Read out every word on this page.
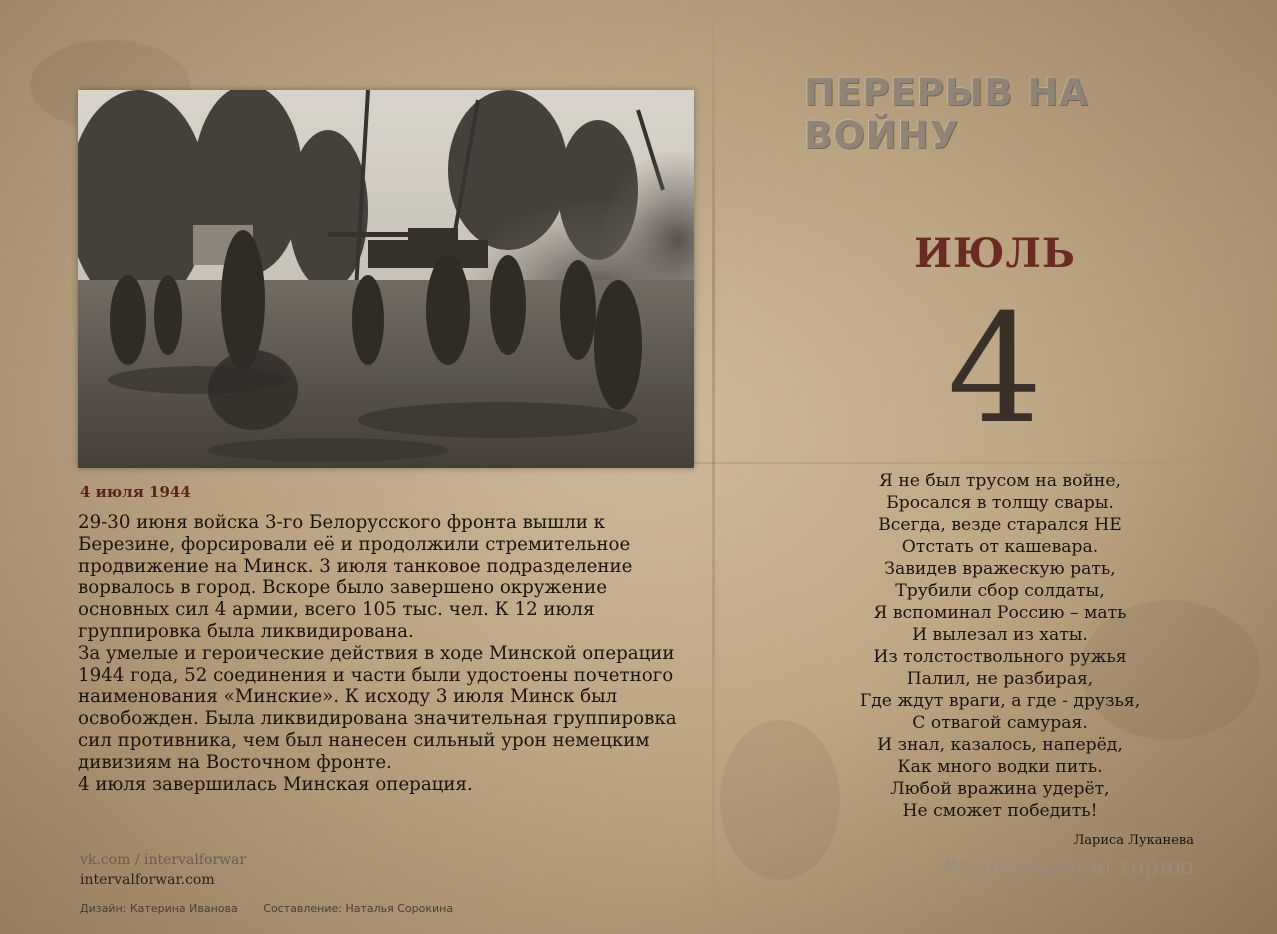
4 июля 1944

29-30 июня войска 3-го Белорусского фронта вышли к Березине, форсировали её и продолжили стремительное продвижение на Минск. 3 июля танковое подразделение ворвалось в город. Вскоре было завершено окружение основных сил 4 армии, всего 105 тыс. чел. К 12 июля группировка была ликвидирована.

За умелые и героические действия в ходе Минской операции 1944 года, 52 соединения и части были удостоены почетного наименования «Минские». К исходу 3 июля Минск был освобожден. Была ликвидирована значительная группировка сил противника, чем был нанесен сильный урон немецким дивизиям на Восточном фронте.

4 июля завершилась Минская операция.

vk.com / intervalforwar
intervalforwar.com
Дизайн: Катерина Иванова Составление: Наталья Сорокина
ПЕРЕРЫВ НА ВОЙНУ
ИЮЛЬ
4
Я не был трусом на войне,
Бросался в толщу свары.
Всегда, везде старался НЕ
Отстать от кашевара.
Завидев вражескую рать,
Трубили сбор солдаты,
Я вспоминал Россию – мать
И вылезал из хаты.
Из толстоствольного ружья
Палил, не разбирая,
Где ждут враги, а где - друзья,
С отвагой самурая.
И знал, казалось, наперёд,
Как много водки пить.
Любой вражина удерёт,
Не сможет победить!
Лариса Луканева
#перерывнаисторию
